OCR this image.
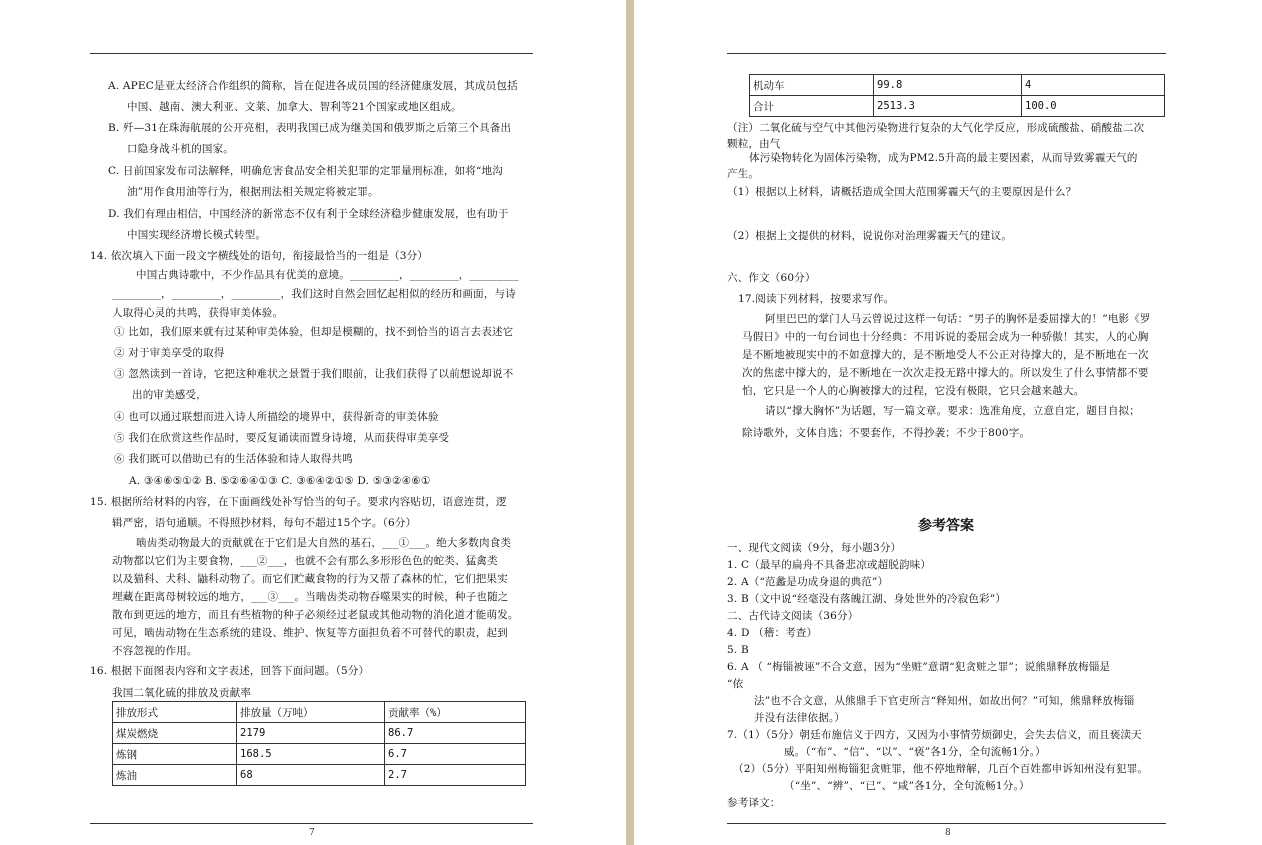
A. APEC是亚太经济合作组织的简称，旨在促进各成员国的经济健康发展，其成员包括
中国、越南、澳大利亚、文莱、加拿大、智利等21个国家或地区组成。
B. 歼—31在珠海航展的公开亮相，表明我国已成为继美国和俄罗斯之后第三个具备出
口隐身战斗机的国家。
C. 日前国家发布司法解释，明确危害食品安全相关犯罪的定罪量刑标准，如将“地沟
油”用作食用油等行为，根据刑法相关规定将被定罪。
D. 我们有理由相信，中国经济的新常态不仅有利于全球经济稳步健康发展，也有助于
中国实现经济增长模式转型。
14. 依次填入下面一段文字横线处的语句，衔接最恰当的一组是（3分）
中国古典诗歌中，不少作品具有优美的意境。_________，_________，_________
_________，_________，_________，我们这时自然会回忆起相似的经历和画面，与诗
人取得心灵的共鸣，获得审美体验。
① 比如，我们原来就有过某种审美体验，但却是模糊的，找不到恰当的语言去表述它
② 对于审美享受的取得
③ 忽然读到一首诗，它把这种难状之景置于我们眼前，让我们获得了以前想说却说不
出的审美感受，
④ 也可以通过联想而进入诗人所描绘的境界中，获得新奇的审美体验
⑤ 我们在欣赏这些作品时，要反复诵读而置身诗境，从而获得审美享受
⑥ 我们既可以借助已有的生活体验和诗人取得共鸣
A. ③④⑥⑤①② B. ⑤②⑥④①③ C. ③⑥④②①⑤ D. ⑤③②④⑥①
15. 根据所给材料的内容，在下面画线处补写恰当的句子。要求内容贴切，语意连贯，逻
辑严密，语句通顺。不得照抄材料，每句不超过15个字。（6分）
啮齿类动物最大的贡献就在于它们是大自然的基石，___①___。绝大多数肉食类
动物都以它们为主要食物，___②___，也就不会有那么多形形色色的蛇类、猛禽类
以及猫科、犬科、鼬科动物了。而它们贮藏食物的行为又帮了森林的忙，它们把果实
埋藏在距离母树较远的地方，___③___。当啮齿类动物吞噬果实的时候，种子也随之
散布到更远的地方，而且有些植物的种子必须经过老鼠或其他动物的消化道才能萌发。
可见，啮齿动物在生态系统的建设、维护、恢复等方面担负着不可替代的职责，起到
不容忽视的作用。
16. 根据下面图表内容和文字表述，回答下面问题。（5分）
我国二氧化硫的排放及贡献率
排放形式	排放量（万吨）	贡献率（%）
煤炭燃烧	2179	86.7
炼钢	168.5	6.7
炼油	68	2.7
7
机动车	99.8	4
合计	2513.3	100.0
（注）二氧化硫与空气中其他污染物进行复杂的大气化学反应，形成硫酸盐、硝酸盐二次
颗粒，由气
体污染物转化为固体污染物，成为PM2.5升高的最主要因素，从而导致雾霾天气的
产生。
（1）根据以上材料，请概括造成全国大范围雾霾天气的主要原因是什么？
（2）根据上文提供的材料，说说你对治理雾霾天气的建议。
六、作文（60分）
17.阅读下列材料，按要求写作。
阿里巴巴的掌门人马云曾说过这样一句话：“男子的胸怀是委屈撑大的！”电影《罗
马假日》中的一句台词也十分经典：不用诉说的委屈会成为一种骄傲！其实，人的心胸
是不断地被现实中的不如意撑大的，是不断地受人不公正对待撑大的，是不断地在一次
次的焦虑中撑大的，是不断地在一次次走投无路中撑大的。所以发生了什么事情都不要
怕，它只是一个人的心胸被撑大的过程，它没有极限，它只会越来越大。
请以“撑大胸怀”为话题，写一篇文章。要求：选准角度，立意自定，题目自拟；
除诗歌外，文体自选；不要套作，不得抄袭；不少于800字。
参考答案
一、现代文阅读（9分，每小题3分）
1. C（最早的扁舟不具备悲凉或超脱韵味）
2. A（“范蠡是功成身退的典范”）
3. B（文中说“经毫没有落魄江湖、身处世外的冷寂色彩”）
二、古代诗文阅读（36分）
4. D （稽：考查）
5. B
6. A （ “梅锱被诬”不合文意，因为“坐赃”意谓“犯贪赃之罪”；说熊鼎释放梅锱是
“依
法”也不合文意，从熊鼎手下官吏所言“释知州，如故出何？”可知，熊鼎释放梅锱
并没有法律依据。）
7.（1）（5分）朝廷布施信义于四方，又因为小事情劳烦御史，会失去信义，而且亵渎天
威。（“布”、“信”、“以”、“亵”各1分，全句流畅1分。）
（2）（5分）平阳知州梅锱犯贪赃罪，他不停地辩解，几百个百姓都申诉知州没有犯罪。
（“坐”、“辨”、“已”、“咸”各1分，全句流畅1分。）
参考译文：
8
